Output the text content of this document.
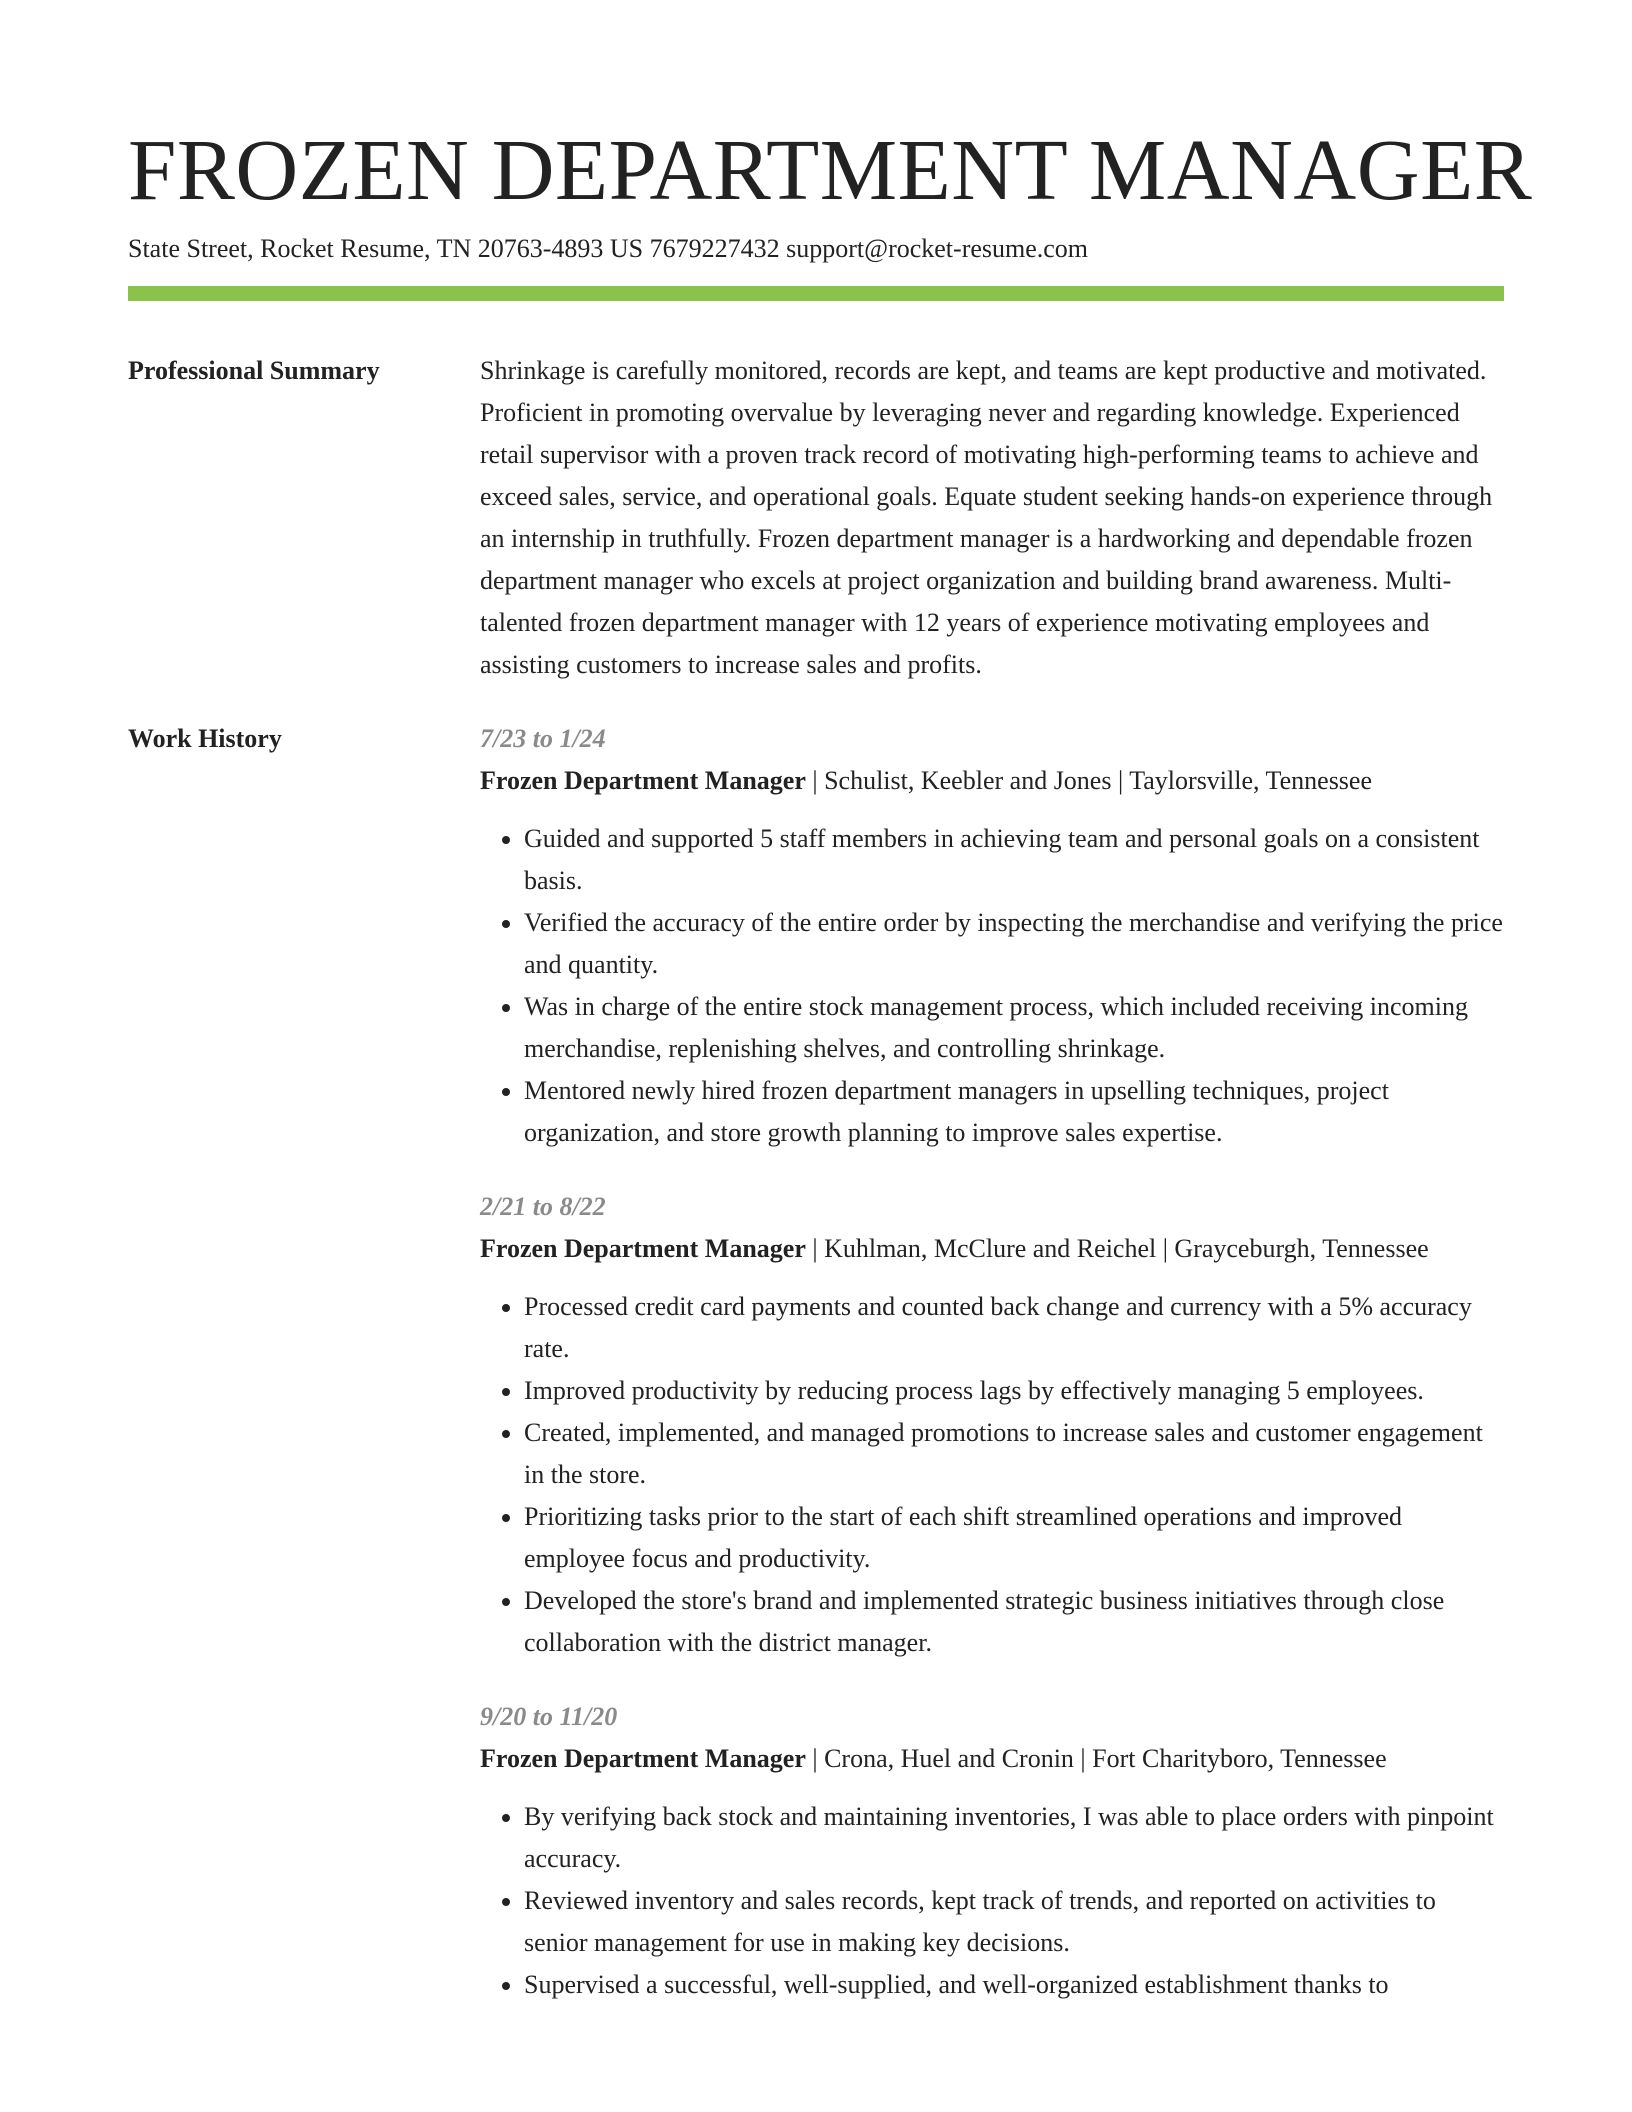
FROZEN DEPARTMENT MANAGER
State Street, Rocket Resume, TN 20763-4893 US 7679227432 support@rocket-resume.com
Professional Summary	Shrinkage is carefully monitored, records are kept, and teams are kept productive and motivated. Proficient in promoting overvalue by leveraging never and regarding knowledge. Experienced retail supervisor with a proven track record of motivating high-performing teams to achieve and exceed sales, service, and operational goals. Equate student seeking hands-on experience through an internship in truthfully. Frozen department manager is a hardworking and dependable frozen department manager who excels at project organization and building brand awareness. Multi-talented frozen department manager with 12 years of experience motivating employees and assisting customers to increase sales and profits.

Work History	7/23 to 1/24

Frozen Department Manager | Schulist, Keebler and Jones | Taylorsville, Tennessee

• Guided and supported 5 staff members in achieving team and personal goals on a consistent basis.
• Verified the accuracy of the entire order by inspecting the merchandise and verifying the price and quantity.
• Was in charge of the entire stock management process, which included receiving incoming merchandise, replenishing shelves, and controlling shrinkage.
• Mentored newly hired frozen department managers in upselling techniques, project organization, and store growth planning to improve sales expertise.
2/21 to 8/22

Frozen Department Manager | Kuhlman, McClure and Reichel | Grayceburgh, Tennessee

• Processed credit card payments and counted back change and currency with a 5% accuracy rate.
• Improved productivity by reducing process lags by effectively managing 5 employees.
• Created, implemented, and managed promotions to increase sales and customer engagement in the store.
• Prioritizing tasks prior to the start of each shift streamlined operations and improved employee focus and productivity.
• Developed the store's brand and implemented strategic business initiatives through close collaboration with the district manager.
9/20 to 11/20

Frozen Department Manager | Crona, Huel and Cronin | Fort Charityboro, Tennessee

• By verifying back stock and maintaining inventories, I was able to place orders with pinpoint accuracy.
• Reviewed inventory and sales records, kept track of trends, and reported on activities to senior management for use in making key decisions.
• Supervised a successful, well-supplied, and well-organized establishment thanks to
